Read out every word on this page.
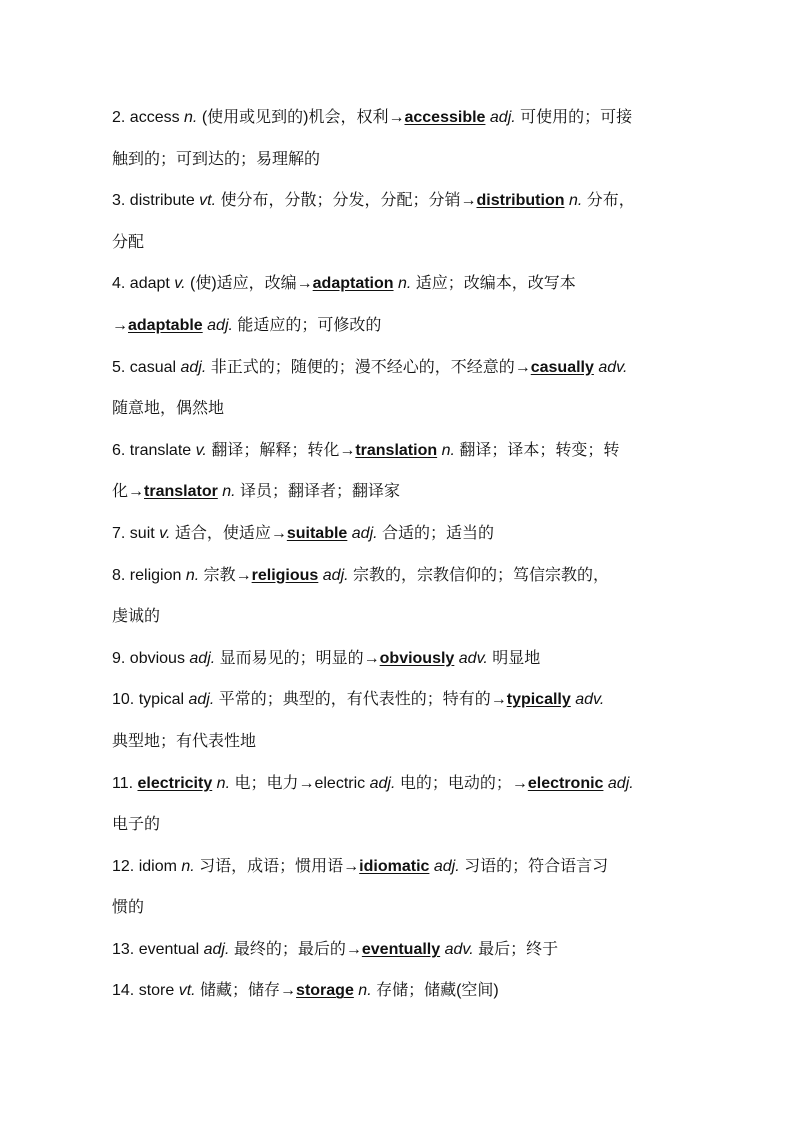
2. access n. (使用或见到的)机会，权利→accessible adj. 可使用的；可接
触到的；可到达的；易理解的
3. distribute vt. 使分布，分散；分发，分配；分销→distribution n. 分布，
分配
4. adapt v. (使)适应，改编→adaptation n. 适应；改编本，改写本
→adaptable adj. 能适应的；可修改的
5. casual adj. 非正式的；随便的；漫不经心的，不经意的→casually adv.
随意地，偶然地
6. translate v. 翻译；解释；转化→translation n. 翻译；译本；转变；转
化→translator n. 译员；翻译者；翻译家
7. suit v. 适合，使适应→suitable adj. 合适的；适当的
8. religion n. 宗教→religious adj. 宗教的，宗教信仰的；笃信宗教的，
虔诚的
9. obvious adj. 显而易见的；明显的→obviously adv. 明显地
10. typical adj. 平常的；典型的，有代表性的；特有的→typically adv.
典型地；有代表性地
11. electricity n. 电；电力→electric adj. 电的；电动的；→electronic adj.
电子的
12. idiom n. 习语，成语；惯用语→idiomatic adj. 习语的；符合语言习
惯的
13. eventual adj. 最终的；最后的→eventually adv. 最后；终于
14. store vt. 储藏；储存→storage n. 存储；储藏(空间)
